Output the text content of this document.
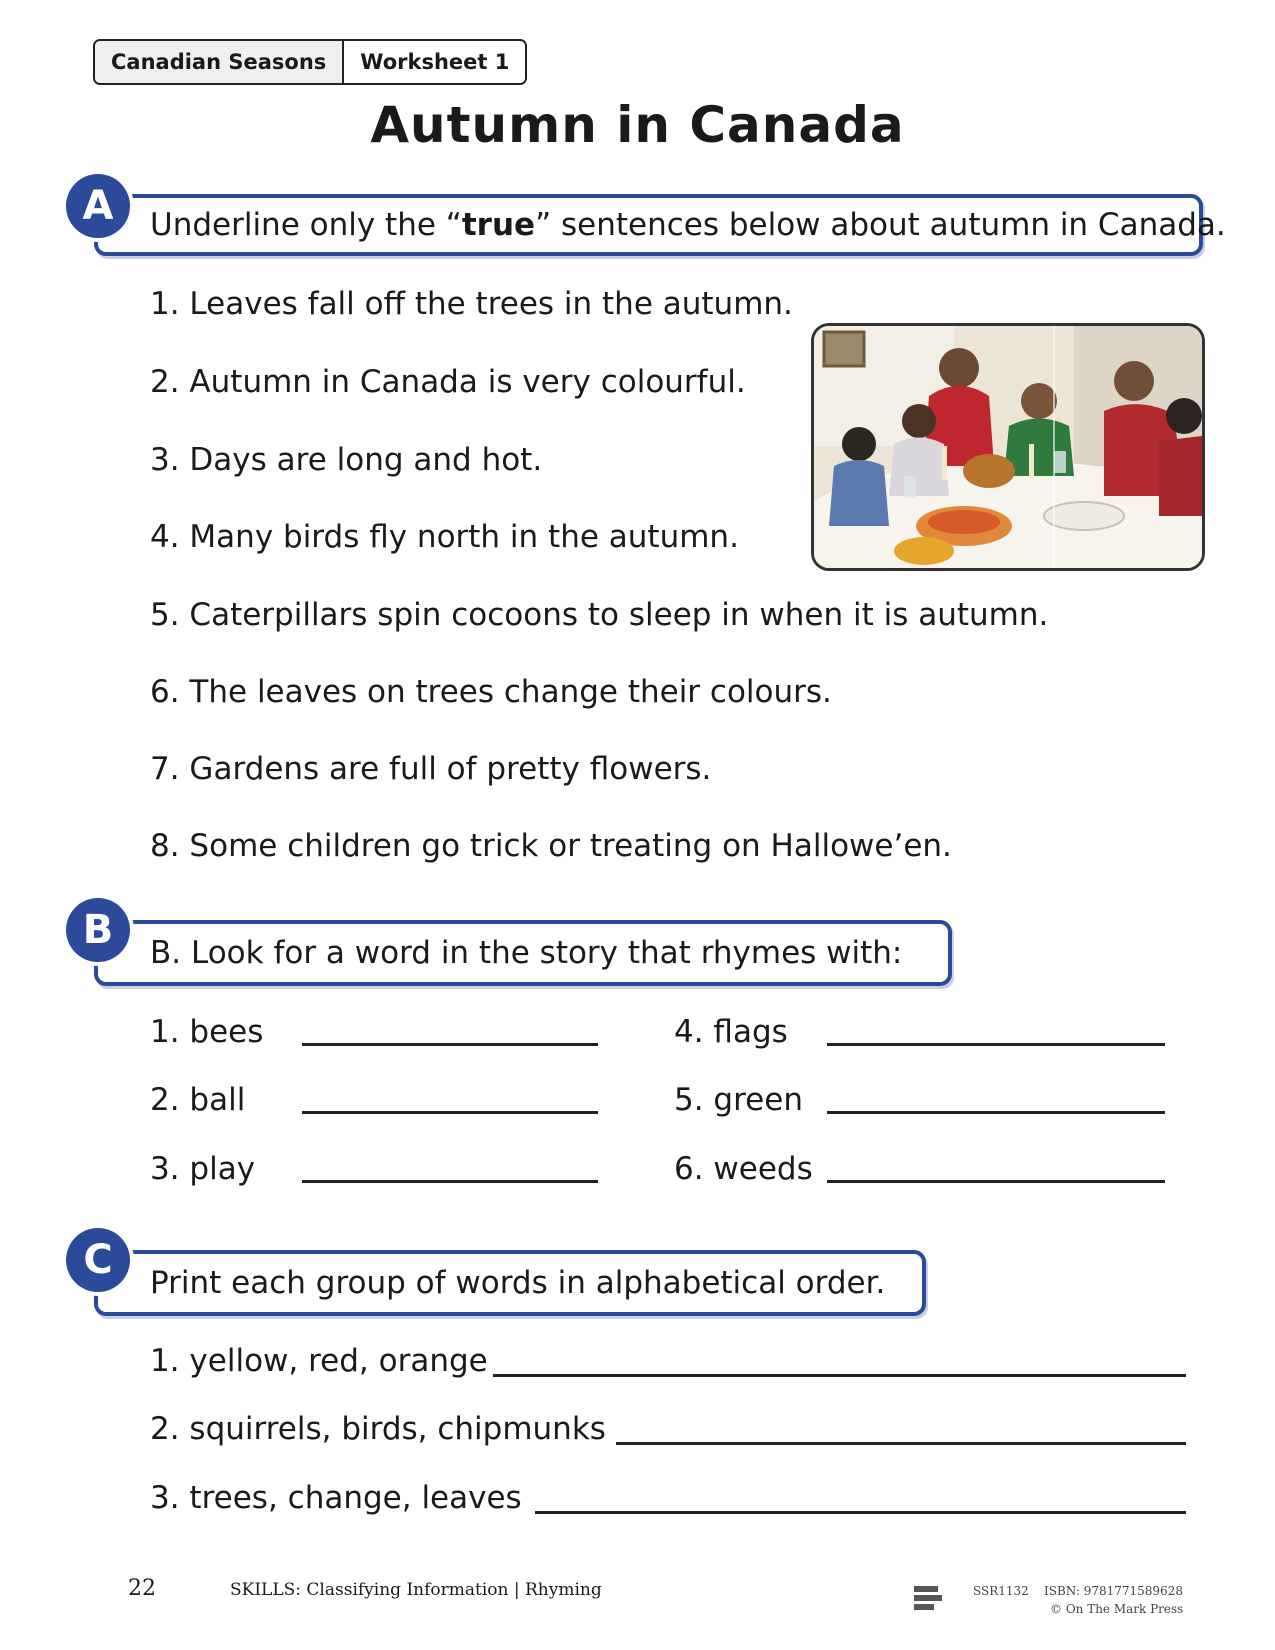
Canadian Seasons	Worksheet 1
Autumn in Canada
Underline only the “true” sentences below about autumn in Canada.
A
1. Leaves fall off the trees in the autumn.
2. Autumn in Canada is very colourful.
3. Days are long and hot.
4. Many birds fly north in the autumn.
5. Caterpillars spin cocoons to sleep in when it is autumn.
6. The leaves on trees change their colours.
7. Gardens are full of pretty flowers.
8. Some children go trick or treating on Hallowe’en.
B. Look for a word in the story that rhymes with:
B
1. bees
2. ball
3. play
4. flags
5. green
6. weeds
Print each group of words in alphabetical order.
C
1. yellow, red, orange
2. squirrels, birds, chipmunks
3. trees, change, leaves
22	SKILLS: Classifying Information | Rhyming	SSR1132 ISBN: 9781771589628
© On The Mark Press
